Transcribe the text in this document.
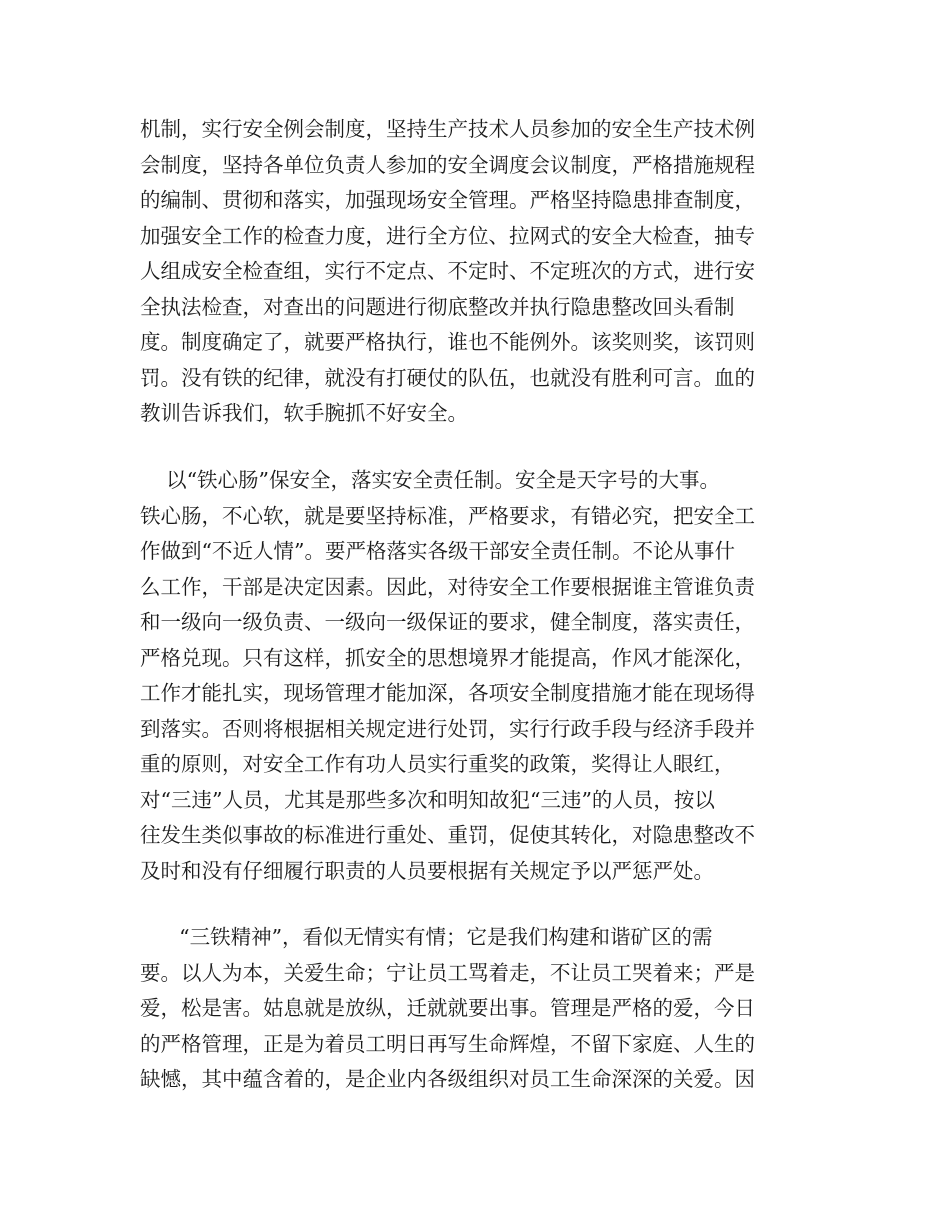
机制，实行安全例会制度，坚持生产技术人员参加的安全生产技术例
会制度，坚持各单位负责人参加的安全调度会议制度，严格措施规程
的编制、贯彻和落实，加强现场安全管理。严格坚持隐患排查制度，
加强安全工作的检查力度，进行全方位、拉网式的安全大检查，抽专
人组成安全检查组，实行不定点、不定时、不定班次的方式，进行安
全执法检查，对查出的问题进行彻底整改并执行隐患整改回头看制
度。制度确定了，就要严格执行，谁也不能例外。该奖则奖，该罚则
罚。没有铁的纪律，就没有打硬仗的队伍，也就没有胜利可言。血的
教训告诉我们，软手腕抓不好安全。

以“铁心肠”保安全，落实安全责任制。安全是天字号的大事。
铁心肠，不心软，就是要坚持标准，严格要求，有错必究，把安全工
作做到“不近人情”。要严格落实各级干部安全责任制。不论从事什
么工作，干部是决定因素。因此，对待安全工作要根据谁主管谁负责
和一级向一级负责、一级向一级保证的要求，健全制度，落实责任，
严格兑现。只有这样，抓安全的思想境界才能提高，作风才能深化，
工作才能扎实，现场管理才能加深，各项安全制度措施才能在现场得
到落实。否则将根据相关规定进行处罚，实行行政手段与经济手段并
重的原则，对安全工作有功人员实行重奖的政策，奖得让人眼红，
对“三违”人员，尤其是那些多次和明知故犯“三违”的人员，按以
往发生类似事故的标准进行重处、重罚，促使其转化，对隐患整改不
及时和没有仔细履行职责的人员要根据有关规定予以严惩严处。

“三铁精神”，看似无情实有情；它是我们构建和谐矿区的需
要。以人为本，关爱生命；宁让员工骂着走，不让员工哭着来；严是
爱，松是害。姑息就是放纵，迁就就要出事。管理是严格的爱，今日
的严格管理，正是为着员工明日再写生命辉煌，不留下家庭、人生的
缺憾，其中蕴含着的，是企业内各级组织对员工生命深深的关爱。因
